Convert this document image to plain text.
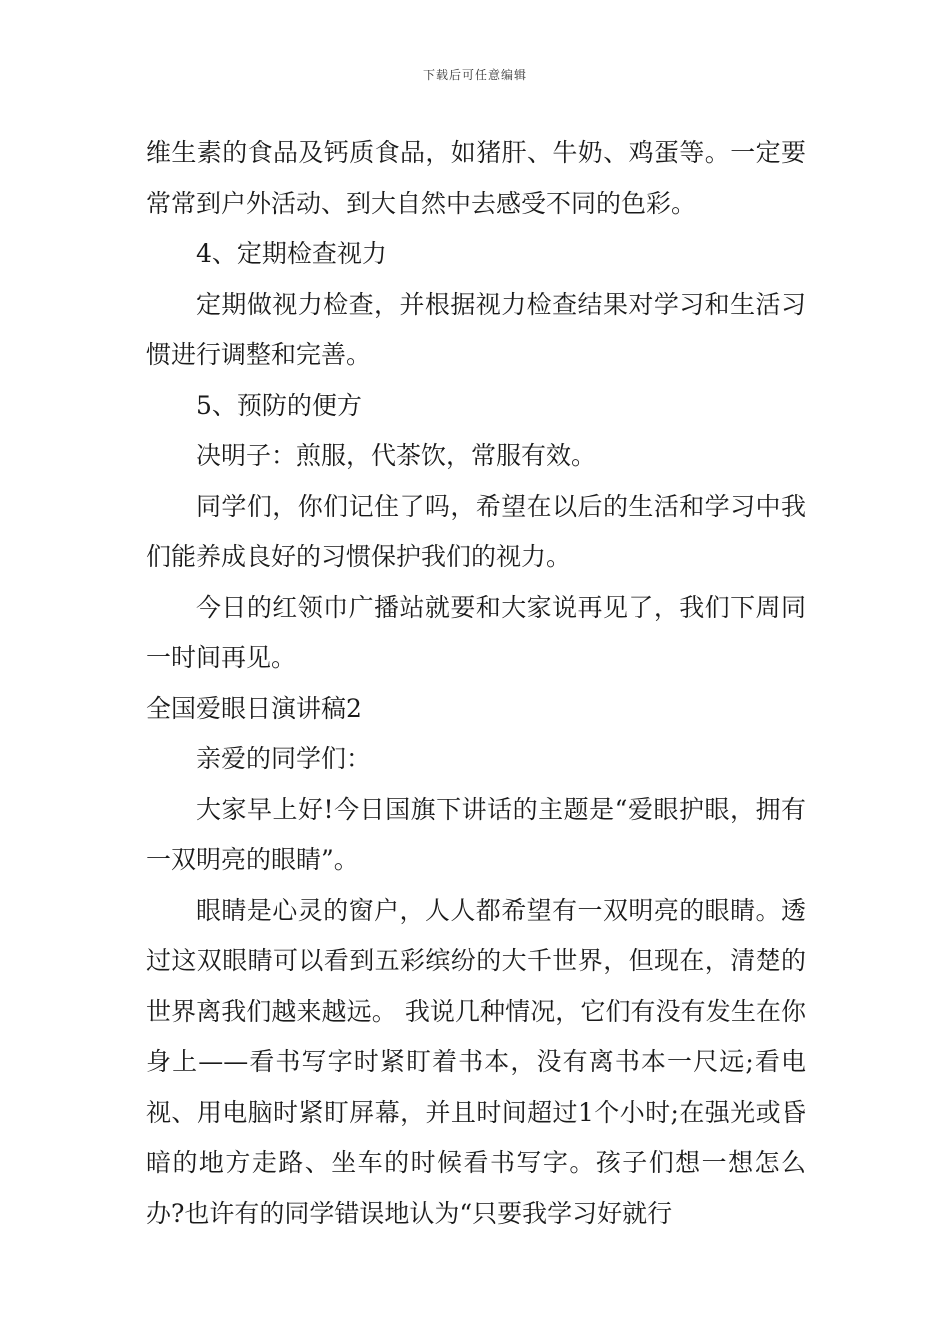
下载后可任意编辑

维生素的食品及钙质食品，如猪肝、牛奶、鸡蛋等。一定要常常到户外活动、到大自然中去感受不同的色彩。

4、定期检查视力

定期做视力检查，并根据视力检查结果对学习和生活习惯进行调整和完善。

5、预防的便方

决明子：煎服，代茶饮，常服有效。

同学们，你们记住了吗，希望在以后的生活和学习中我们能养成良好的习惯保护我们的视力。

今日的红领巾广播站就要和大家说再见了，我们下周同一时间再见。

全国爱眼日演讲稿2

亲爱的同学们：

大家早上好!今日国旗下讲话的主题是“爱眼护眼，拥有一双明亮的眼睛”。

眼睛是心灵的窗户，人人都希望有一双明亮的眼睛。透过这双眼睛可以看到五彩缤纷的大千世界，但现在，清楚的世界离我们越来越远。 我说几种情况，它们有没有发生在你身上——看书写字时紧盯着书本，没有离书本一尺远;看电视、用电脑时紧盯屏幕，并且时间超过1个小时;在强光或昏暗的地方走路、坐车的时候看书写字。孩子们想一想怎么办?也许有的同学错误地认为“只要我学习好就行
